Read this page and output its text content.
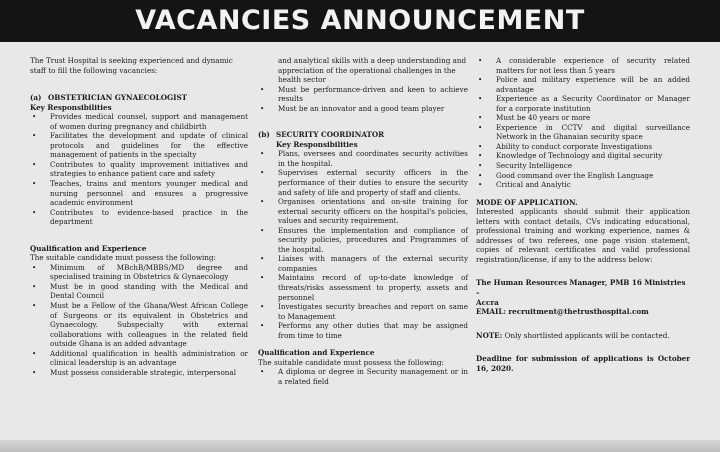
VACANCIES ANNOUNCEMENT

The Trust Hospital is seeking experienced and dynamic staff to fill the following vacancies:

(a) OBSTETRICIAN GYNAECOLOGIST

Key Responsibilities

• Provides medical counsel, support and management of women during pregnancy and childbirth
• Facilitates the development and update of clinical protocols and guidelines for the effective management of patients in the specialty
• Contributes to quality improvement initiatives and strategies to enhance patient care and safety
• Teaches, trains and mentors younger medical and nursing personnel and ensures a progressive academic environment
• Contributes to evidence-based practice in the department

Qualification and Experience

The suitable candidate must possess the following:

• Minimum of MBchB/MBBS/MD degree and specialised training in Obstetrics & Gynaecology
• Must be in good standing with the Medical and Dental Council
• Must be a Fellow of the Ghana/West African College of Surgeons or its equivalent in Obstetrics and Gynaecology. Subspecialty with external collaborations with colleagues in the related field outside Ghana is an added advantage
• Additional qualification in health administration or clinical leadership is an advantage
• Must possess considerable strategic, interpersonal

and analytical skills with a deep understanding and appreciation of the operational challenges in the health sector

• Must be performance-driven and keen to achieve results
• Must be an innovator and a good team player

(b) SECURITY COORDINATOR

Key Responsibilities

• Plans, oversees and coordinates security activities in the hospital.
• Supervises external security officers in the performance of their duties to ensure the security and safety of life and property of staff and clients.
• Organises orientations and on-site training for external security officers on the hospital's policies, values and security requirement.
• Ensures the implementation and compliance of security policies, procedures and Programmes of the hospital.
• Liaises with managers of the external security companies
• Maintains record of up-to-date knowledge of threats/risks assessment to property, assets and personnel
• Investigates security breaches and report on same to Management
• Performs any other duties that may be assigned from time to time

Qualification and Experience

The suitable candidate must possess the following:

• A diploma or degree in Security management or in a related field
• A considerable experience of security related matters for not less than 5 years
• Police and military experience will be an added advantage
• Experience as a Security Coordinator or Manager for a corporate institution
• Must be 40 years or more
• Experience in CCTV and digital surveillance Network in the Ghanaian security space
• Ability to conduct corporate Investigations
• Knowledge of Technology and digital security
• Security Intelligence
• Good command over the English Language
• Critical and Analytic

MODE OF APPLICATION.

Interested applicants should submit their application letters with contact details, CVs indicating educational, professional training and working experience, names & addresses of two referees, one page vision statement, copies of relevant certificates and valid professional registration/license, if any to the address below:

The Human Resources Manager, PMB 16 Ministries –

Accra

EMAIL: recruitment@thetrusthospital.com

NOTE: Only shortlisted applicants will be contacted.

Deadline for submission of applications is October 16, 2020.
